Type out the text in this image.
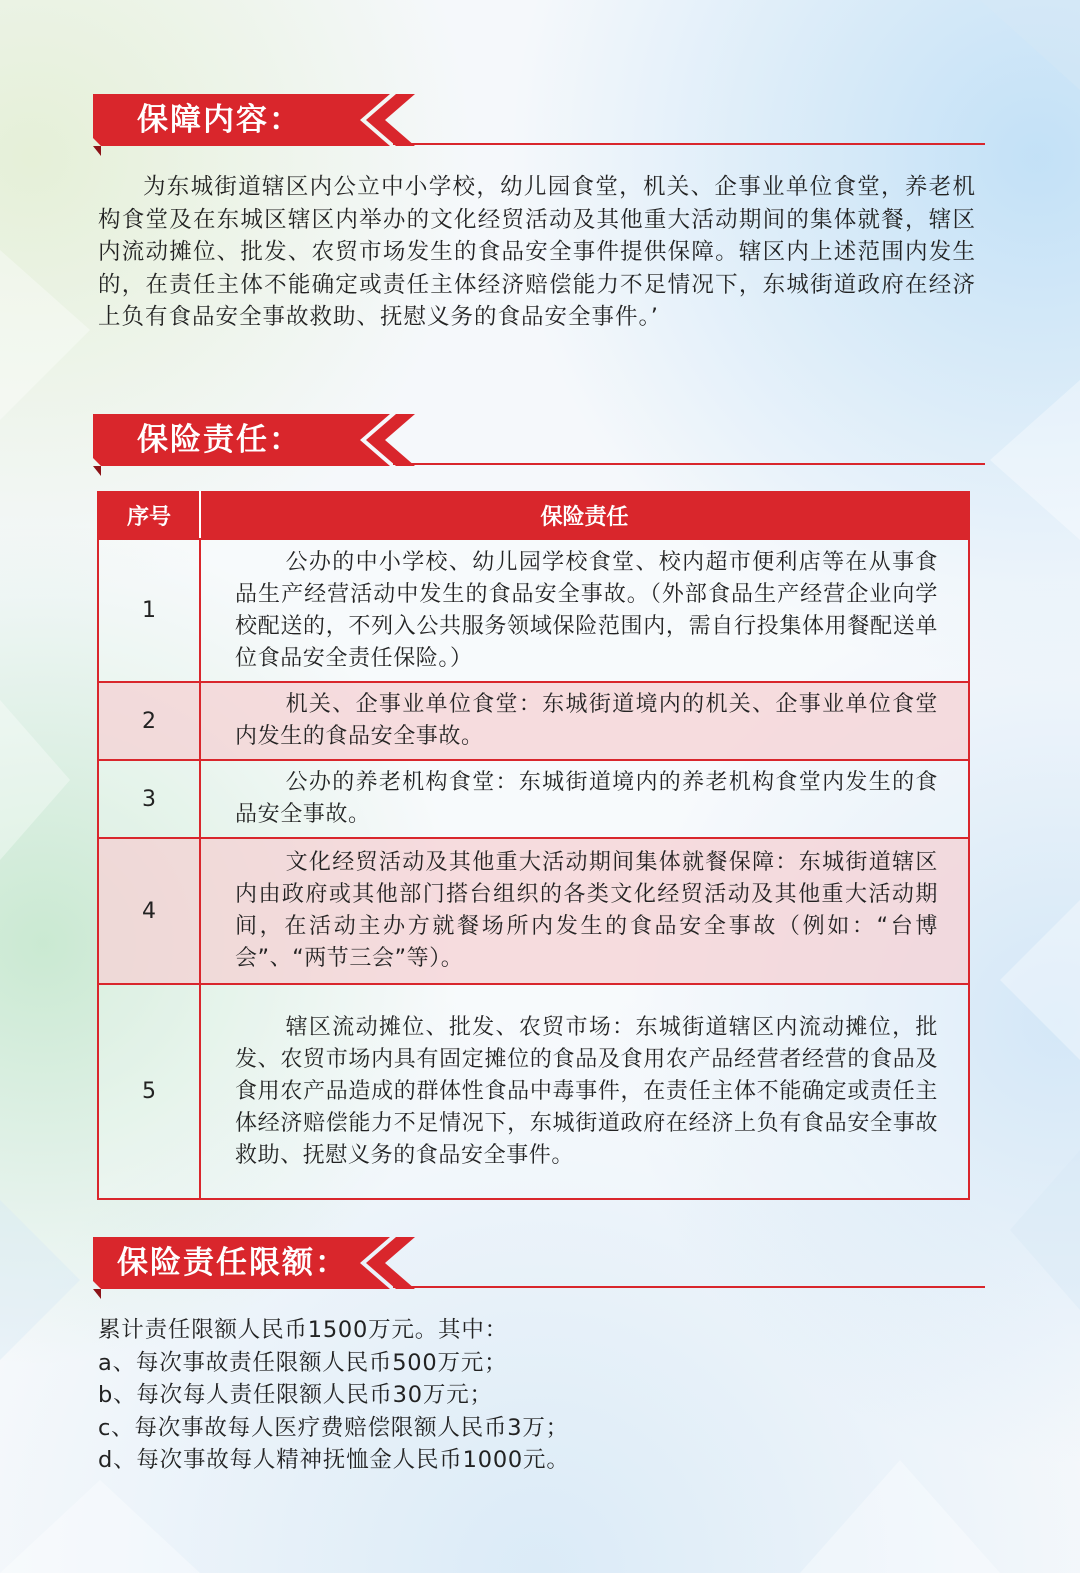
保障内容：

为东城街道辖区内公立中小学校，幼儿园食堂，机关、企事业单位食堂，养老机构食堂及在东城区辖区内举办的文化经贸活动及其他重大活动期间的集体就餐，辖区内流动摊位、批发、农贸市场发生的食品安全事件提供保障。辖区内上述范围内发生的，在责任主体不能确定或责任主体经济赔偿能力不足情况下，东城街道政府在经济上负有食品安全事故救助、抚慰义务的食品安全事件。’

保险责任：
序号	保险责任
1	公办的中小学校、幼儿园学校食堂、校内超市便利店等在从事食品生产经营活动中发生的食品安全事故。（外部食品生产经营企业向学校配送的，不列入公共服务领域保险范围内，需自行投集体用餐配送单位食品安全责任保险。）
2	机关、企事业单位食堂：东城街道境内的机关、企事业单位食堂内发生的食品安全事故。
3	公办的养老机构食堂：东城街道境内的养老机构食堂内发生的食品安全事故。
4	文化经贸活动及其他重大活动期间集体就餐保障：东城街道辖区内由政府或其他部门搭台组织的各类文化经贸活动及其他重大活动期间，在活动主办方就餐场所内发生的食品安全事故（例如：“台博会”、“两节三会”等）。
5	辖区流动摊位、批发、农贸市场：东城街道辖区内流动摊位，批发、农贸市场内具有固定摊位的食品及食用农产品经营者经营的食品及食用农产品造成的群体性食品中毒事件，在责任主体不能确定或责任主体经济赔偿能力不足情况下，东城街道政府在经济上负有食品安全事故救助、抚慰义务的食品安全事件。
保险责任限额：
累计责任限额人民币1500万元。其中：
a、每次事故责任限额人民币500万元；
b、每次每人责任限额人民币30万元；
c、每次事故每人医疗费赔偿限额人民币3万；
d、每次事故每人精神抚恤金人民币1000元。
